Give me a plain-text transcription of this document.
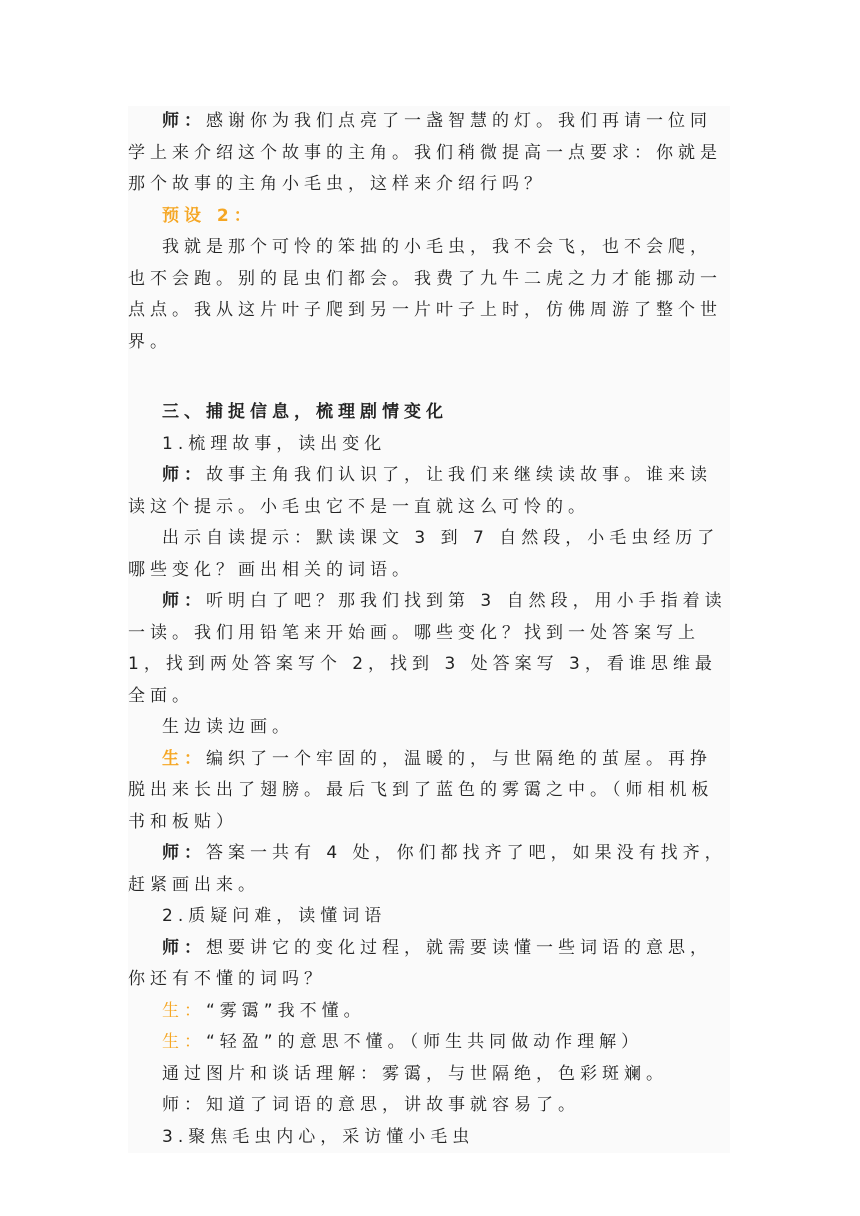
师：感谢你为我们点亮了一盏智慧的灯。我们再请一位同学上来介绍这个故事的主角。我们稍微提高一点要求：你就是那个故事的主角小毛虫，这样来介绍行吗？

预设 2：

我就是那个可怜的笨拙的小毛虫，我不会飞，也不会爬，也不会跑。别的昆虫们都会。我费了九牛二虎之力才能挪动一点点。我从这片叶子爬到另一片叶子上时，仿佛周游了整个世界。

三、捕捉信息，梳理剧情变化

1.梳理故事，读出变化

师：故事主角我们认识了，让我们来继续读故事。谁来读读这个提示。小毛虫它不是一直就这么可怜的。

出示自读提示：默读课文 3 到 7 自然段，小毛虫经历了哪些变化？画出相关的词语。

师：听明白了吧？那我们找到第 3 自然段，用小手指着读一读。我们用铅笔来开始画。哪些变化？找到一处答案写上 1，找到两处答案写个 2，找到 3 处答案写 3，看谁思维最全面。

生边读边画。

生：编织了一个牢固的，温暖的，与世隔绝的茧屋。再挣脱出来长出了翅膀。最后飞到了蓝色的雾霭之中。（师相机板书和板贴）

师：答案一共有 4 处，你们都找齐了吧，如果没有找齐，赶紧画出来。

2.质疑问难，读懂词语

师：想要讲它的变化过程，就需要读懂一些词语的意思，你还有不懂的词吗？

生：“雾霭”我不懂。

生：“轻盈”的意思不懂。（师生共同做动作理解）

通过图片和谈话理解：雾霭，与世隔绝，色彩斑斓。

师：知道了词语的意思，讲故事就容易了。

3.聚焦毛虫内心，采访懂小毛虫
